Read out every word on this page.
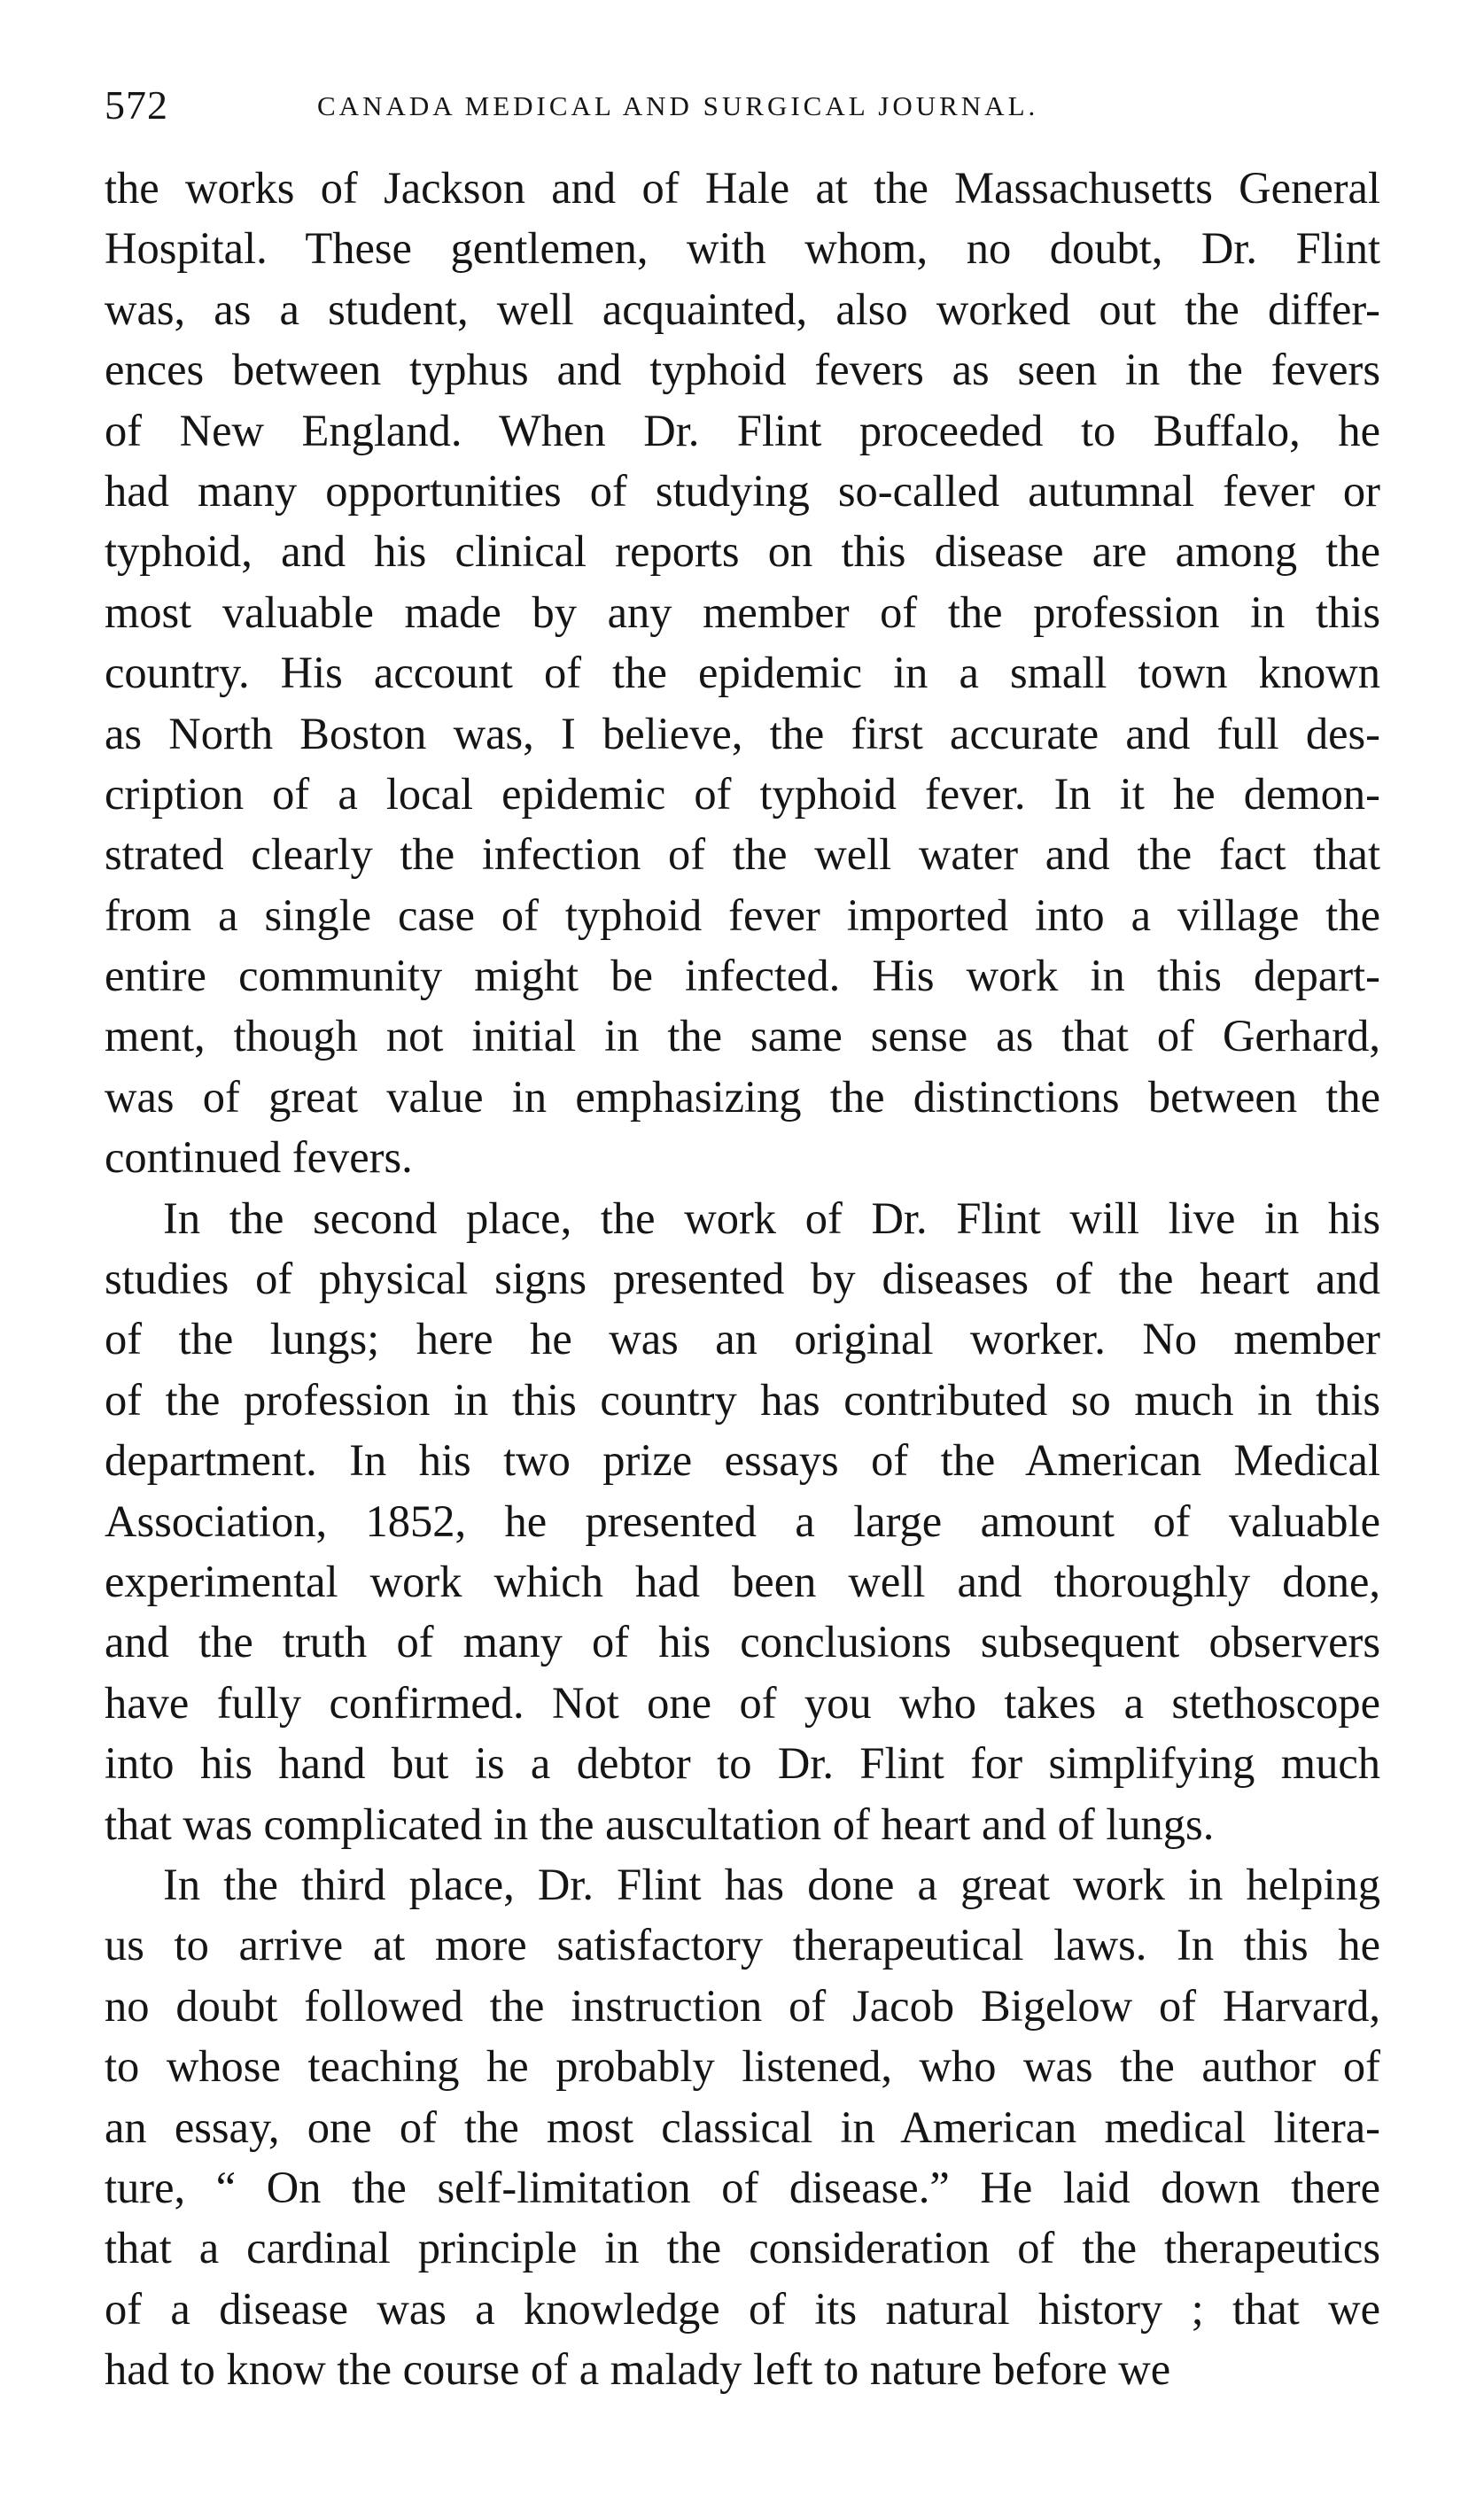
572	CANADA MEDICAL AND SURGICAL JOURNAL.
the works of Jackson and of Hale at the Massachusetts General
Hospital. These gentlemen, with whom, no doubt, Dr. Flint
was, as a student, well acquainted, also worked out the differ-
ences between typhus and typhoid fevers as seen in the fevers
of New England. When Dr. Flint proceeded to Buffalo, he
had many opportunities of studying so-called autumnal fever or
typhoid, and his clinical reports on this disease are among the
most valuable made by any member of the profession in this
country. His account of the epidemic in a small town known
as North Boston was, I believe, the first accurate and full des-
cription of a local epidemic of typhoid fever. In it he demon-
strated clearly the infection of the well water and the fact that
from a single case of typhoid fever imported into a village the
entire community might be infected. His work in this depart-
ment, though not initial in the same sense as that of Gerhard,
was of great value in emphasizing the distinctions between the
continued fevers.
In the second place, the work of Dr. Flint will live in his
studies of physical signs presented by diseases of the heart and
of the lungs; here he was an original worker. No member
of the profession in this country has contributed so much in this
department. In his two prize essays of the American Medical
Association, 1852, he presented a large amount of valuable
experimental work which had been well and thoroughly done,
and the truth of many of his conclusions subsequent observers
have fully confirmed. Not one of you who takes a stethoscope
into his hand but is a debtor to Dr. Flint for simplifying much
that was complicated in the auscultation of heart and of lungs.
In the third place, Dr. Flint has done a great work in helping
us to arrive at more satisfactory therapeutical laws. In this he
no doubt followed the instruction of Jacob Bigelow of Harvard,
to whose teaching he probably listened, who was the author of
an essay, one of the most classical in American medical litera-
ture, “ On the self-limitation of disease.” He laid down there
that a cardinal principle in the consideration of the therapeutics
of a disease was a knowledge of its natural history ; that we
had to know the course of a malady left to nature before we
